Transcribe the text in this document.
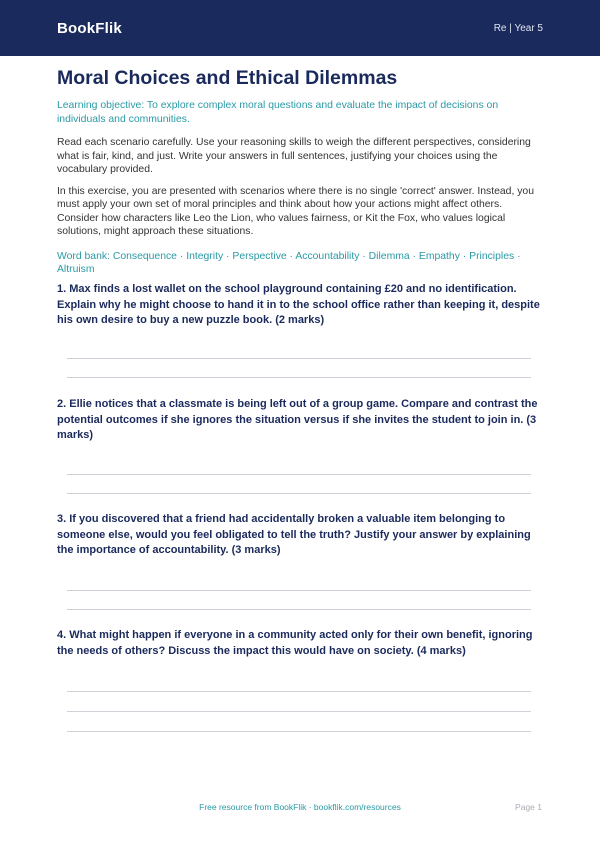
BookFlik	Re | Year 5
Moral Choices and Ethical Dilemmas

Learning objective: To explore complex moral questions and evaluate the impact of decisions on individuals and communities.

Read each scenario carefully. Use your reasoning skills to weigh the different perspectives, considering what is fair, kind, and just. Write your answers in full sentences, justifying your choices using the vocabulary provided.

In this exercise, you are presented with scenarios where there is no single 'correct' answer. Instead, you must apply your own set of moral principles and think about how your actions might affect others. Consider how characters like Leo the Lion, who values fairness, or Kit the Fox, who values logical solutions, might approach these situations.

Word bank: Consequence · Integrity · Perspective · Accountability · Dilemma · Empathy · Principles · Altruism

1. Max finds a lost wallet on the school playground containing £20 and no identification. Explain why he might choose to hand it in to the school office rather than keeping it, despite his own desire to buy a new puzzle book. (2 marks)

2. Ellie notices that a classmate is being left out of a group game. Compare and contrast the potential outcomes if she ignores the situation versus if she invites the student to join in. (3 marks)

3. If you discovered that a friend had accidentally broken a valuable item belonging to someone else, would you feel obligated to tell the truth? Justify your answer by explaining the importance of accountability. (3 marks)

4. What might happen if everyone in a community acted only for their own benefit, ignoring the needs of others? Discuss the impact this would have on society. (4 marks)

Free resource from BookFlik · bookflik.com/resources	Page 1
